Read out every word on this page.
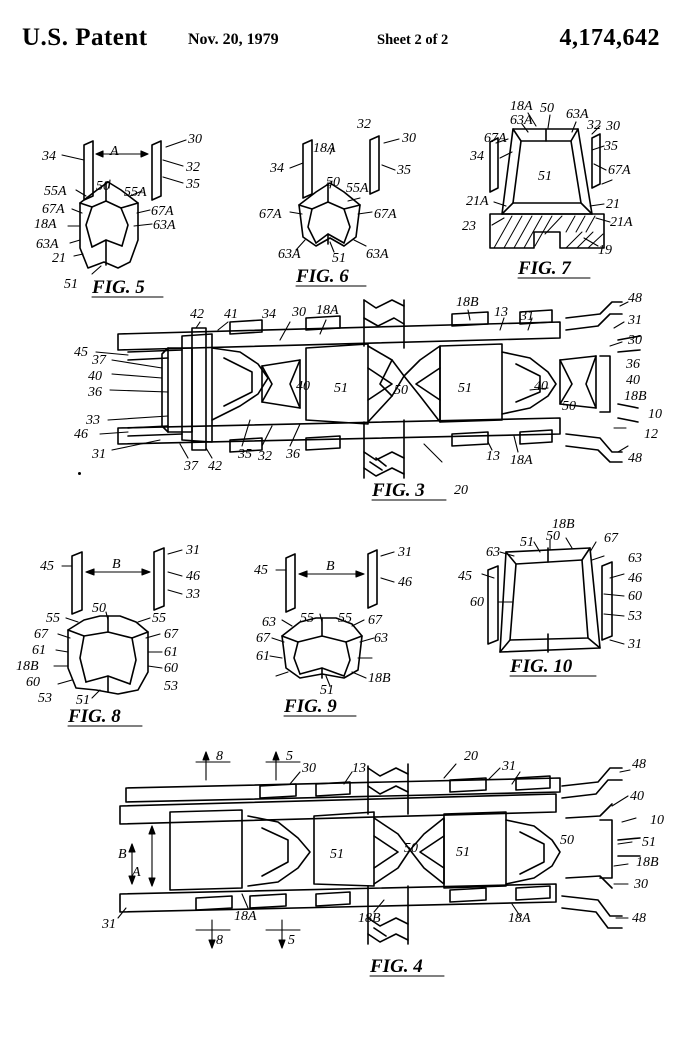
U.S. Patent	Nov. 20, 1979	Sheet 2 of 2	4,174,642
34	A
30
32
35
55A 50 55A
67A	67A
18A	63A
63A
21
51 FIG. 5
34
18A
32
30
35
50 55A
67A	67A
63A 51 63A
FIG. 6
18A 50 63A
63A	32
67A
30
35
34
51	67A
21A	21
21A
23
19
FIG. 7
42 41 34 30 18A
18B
13 31
48
31
30
45
37
40
36
33
46
31
37 42
35 32 36
40 51	50	51	40
50
36
40
18B
10
12
48
13 18A
20
FIG. 3
45	B
31
46
33
55
50
55
67	67
61	61
18B	60
60	53
53 51
FIG. 8
45	B
31
46
63 55 55 67
67	63
61
18B
51
FIG. 9
18B
51 50	67
63	63
45	46
60	60
53
31
FIG. 10
8	5
30	13
20
31	48
40
10
B
A
51	50	51
50	51
18B
30
31
8	5
18A	18B	18A	48
FIG. 4
